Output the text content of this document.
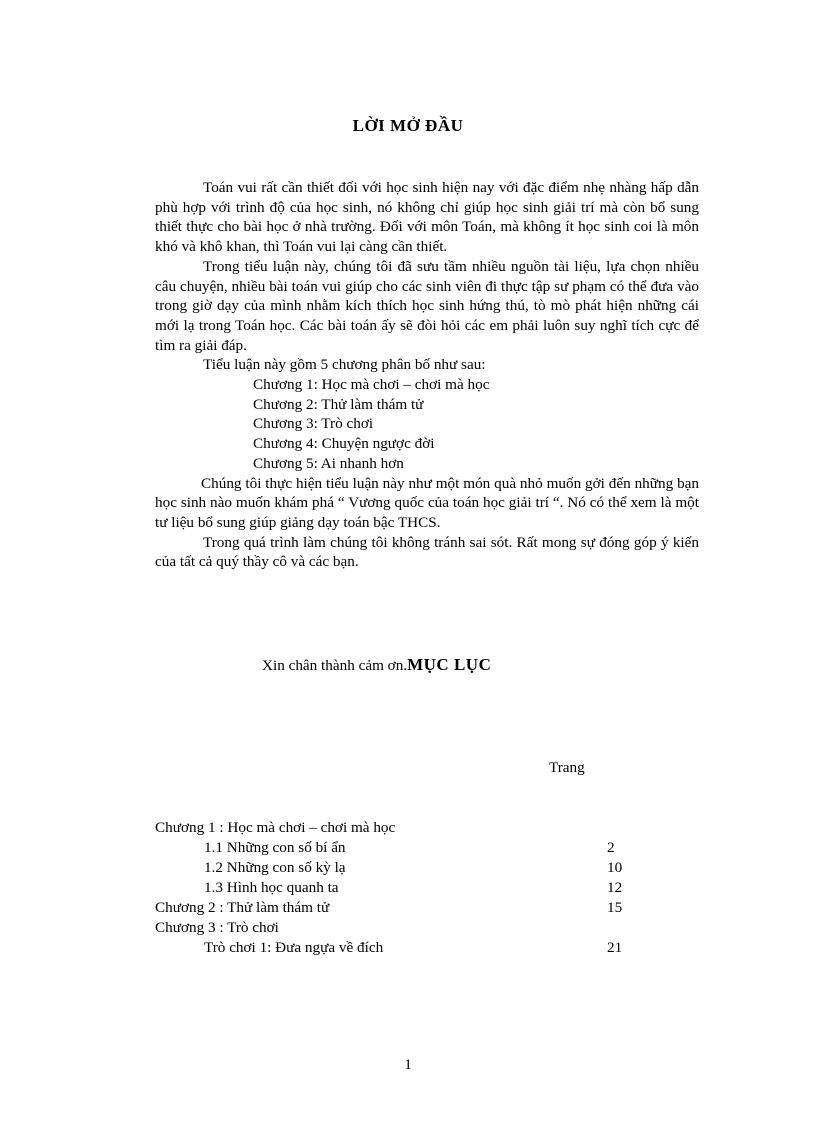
LỜI MỞ ĐẦU

Toán vui rất cần thiết đối với học sinh hiện nay với đặc điểm nhẹ nhàng hấp dẫn phù hợp với trình độ của học sinh, nó không chỉ giúp học sinh giải trí mà còn bổ sung thiết thực cho bài học ở nhà trường. Đối với môn Toán, mà không ít học sinh coi là môn khó và khô khan, thì Toán vui lại càng cần thiết.

Trong tiểu luận này, chúng tôi đã sưu tầm nhiều nguồn tài liệu, lựa chọn nhiều câu chuyện, nhiều bài toán vui giúp cho các sinh viên đi thực tập sư phạm có thể đưa vào trong giờ dạy của mình nhằm kích thích học sinh hứng thú, tò mò phát hiện những cái mới lạ trong Toán học. Các bài toán ấy sẽ đòi hỏi các em phải luôn suy nghĩ tích cực để tìm ra giải đáp.

Tiểu luận này gồm 5 chương phân bố như sau:

Chương 1: Học mà chơi – chơi mà học
Chương 2: Thử làm thám tử
Chương 3: Trò chơi
Chương 4: Chuyện ngược đời
Chương 5: Ai nhanh hơn

Chúng tôi thực hiện tiểu luận này như một món quà nhỏ muốn gởi đến những bạn học sinh nào muốn khám phá “ Vương quốc của toán học giải trí “. Nó có thể xem là một tư liệu bổ sung giúp giảng dạy toán bậc THCS.

Trong quá trình làm chúng tôi không tránh sai sót. Rất mong sự đóng góp ý kiến của tất cả quý thầy cô và các bạn.

Xin chân thành cảm ơn.MỤC LỤC
Trang
Chương 1 : Học mà chơi – chơi mà học
1.1 Những con số bí ẩn	2
1.2 Những con số kỳ lạ	10
1.3 Hình học quanh ta	12
Chương 2 : Thử làm thám tử	15
Chương 3 : Trò chơi
Trò chơi 1: Đưa ngựa về đích	21
1
